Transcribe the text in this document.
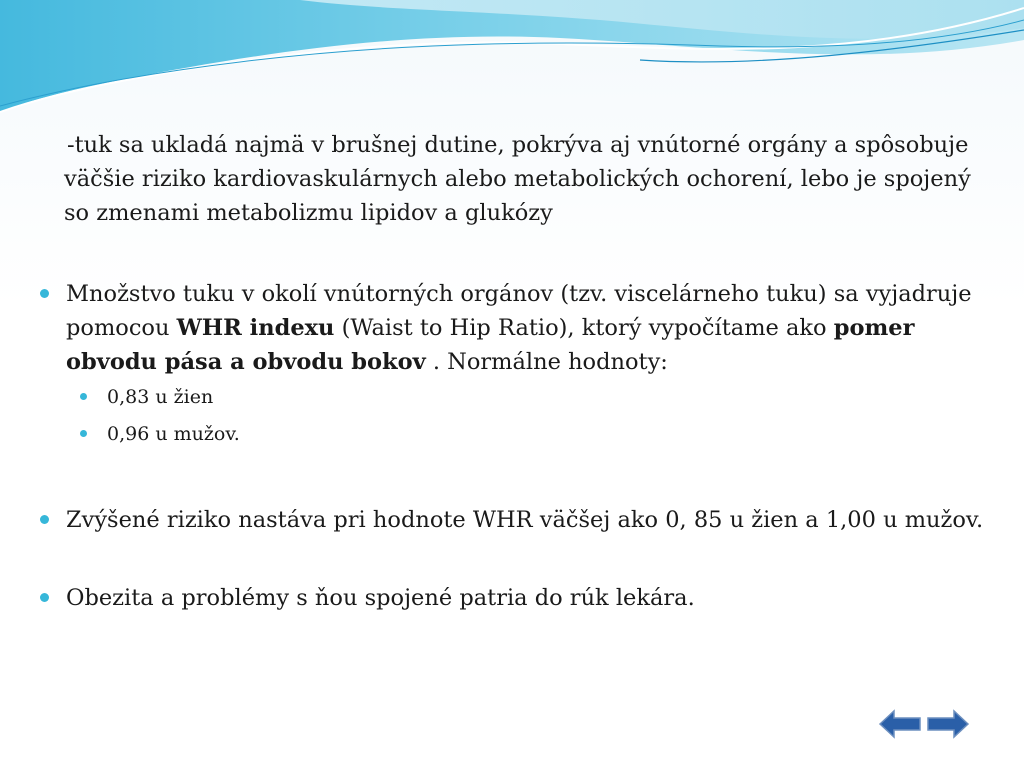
-tuk sa ukladá najmä v brušnej dutine, pokrýva aj vnútorné orgány a spôsobuje väčšie riziko kardiovaskulárnych alebo metabolických ochorení, lebo je spojený so zmenami metabolizmu lipidov a glukózy

Množstvo tuku v okolí vnútorných orgánov (tzv. viscelárneho tuku) sa vyjadruje pomocou WHR indexu (Waist to Hip Ratio), ktorý vypočítame ako pomer obvodu pása a obvodu bokov . Normálne hodnoty:

0,83 u žien
0,96 u mužov.

Zvýšené riziko nastáva pri hodnote WHR väčšej ako 0, 85 u žien a 1,00 u mužov.

Obezita a problémy s ňou spojené patria do rúk lekára.
